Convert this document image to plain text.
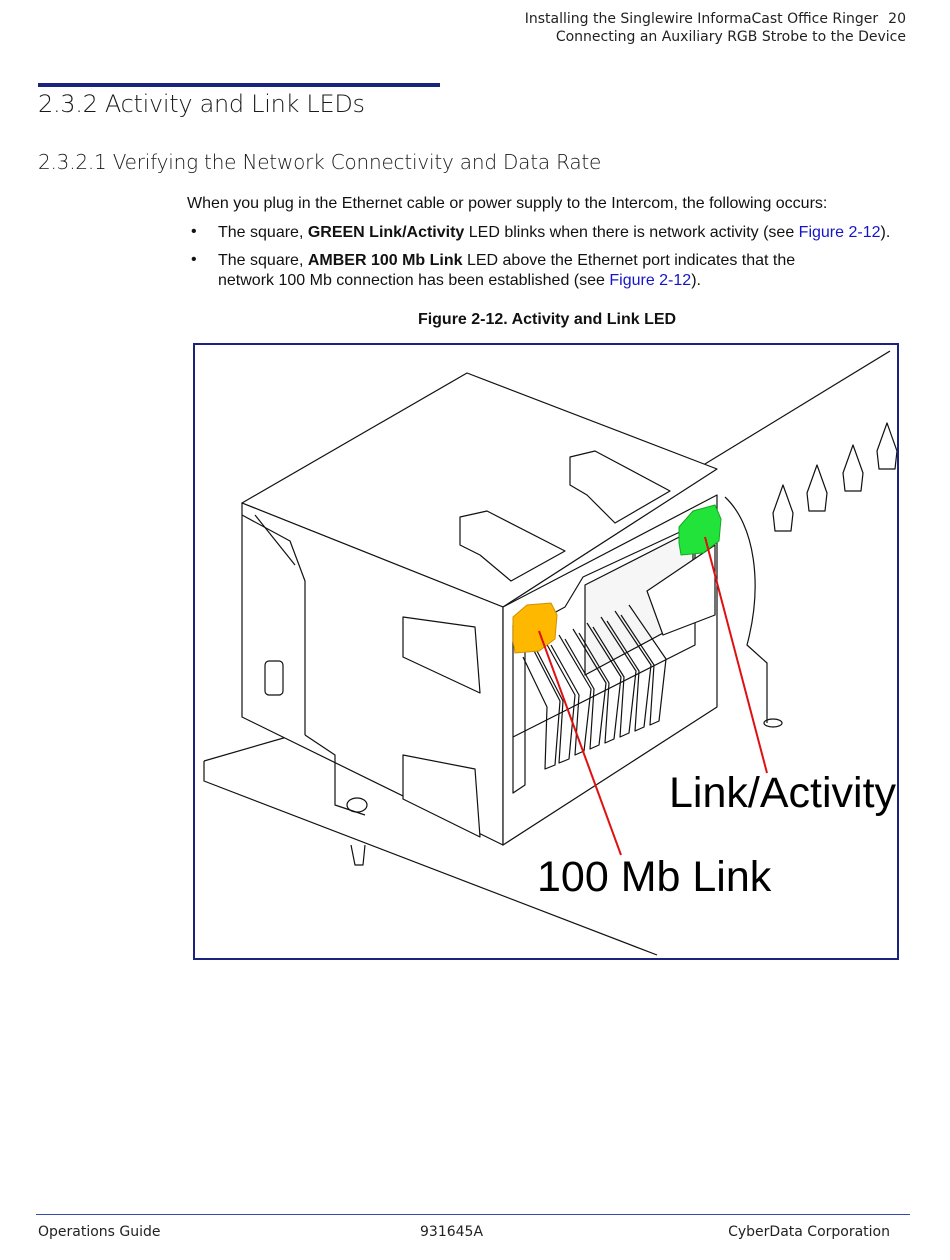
Installing the Singlewire InformaCast Office Ringer 20
Connecting an Auxiliary RGB Strobe to the Device
2.3.2 Activity and Link LEDs
2.3.2.1 Verifying the Network Connectivity and Data Rate
When you plug in the Ethernet cable or power supply to the Intercom, the following occurs:
• The square, GREEN Link/Activity LED blinks when there is network activity (see Figure 2-12).
• The square, AMBER 100 Mb Link LED above the Ethernet port indicates that the network 100 Mb connection has been established (see Figure 2-12).
Figure 2-12. Activity and Link LED
Link/Activity
100 Mb Link
Operations Guide	931645A	CyberData Corporation
